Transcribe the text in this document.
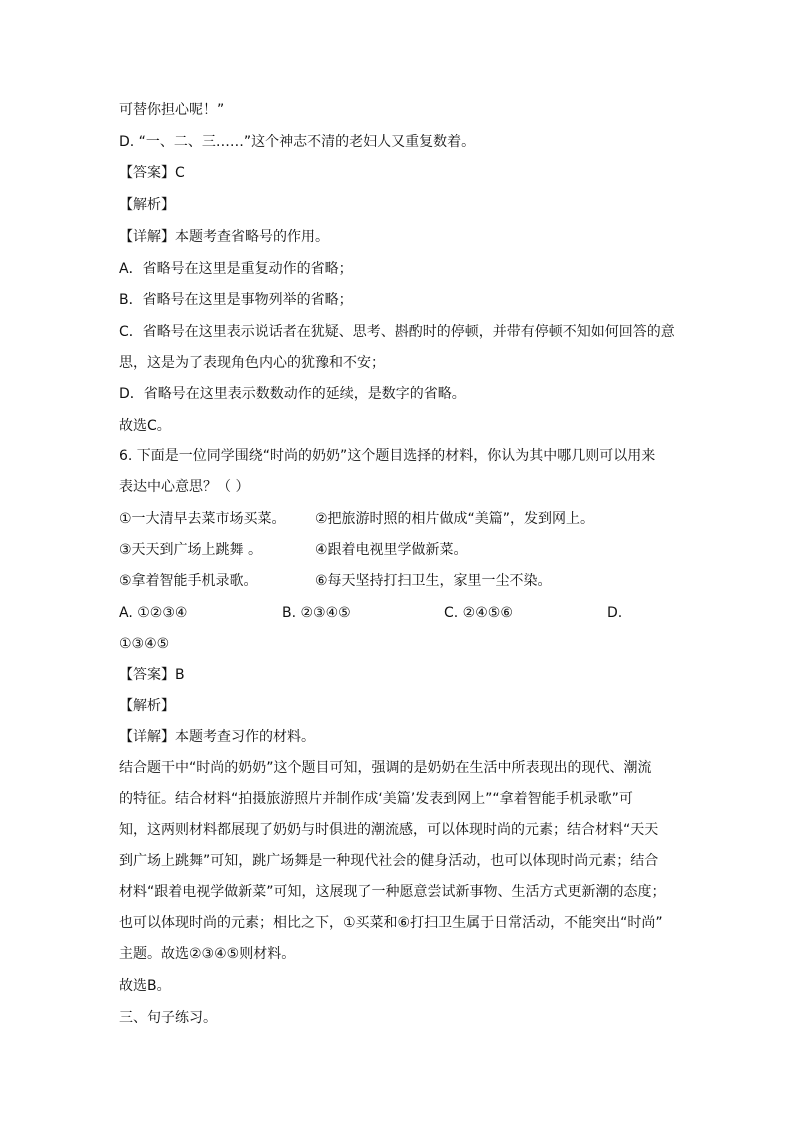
可替你担心呢！”
D. “一、二、三……”这个神志不清的老妇人又重复数着。
【答案】C
【解析】
【详解】本题考查省略号的作用。
A．省略号在这里是重复动作的省略；
B．省略号在这里是事物列举的省略；
C．省略号在这里表示说话者在犹疑、思考、斟酌时的停顿，并带有停顿不知如何回答的意
思，这是为了表现角色内心的犹豫和不安；
D．省略号在这里表示数数动作的延续，是数字的省略。
故选C。
6. 下面是一位同学围绕“时尚的奶奶”这个题目选择的材料，你认为其中哪几则可以用来
表达中心意思？（ ）
①一大清早去菜市场买菜。 ②把旅游时照的相片做成“美篇”，发到网上。
③天天到广场上跳舞 。	④跟着电视里学做新菜。
⑤拿着智能手机录歌。	⑥每天坚持打扫卫生，家里一尘不染。
A. ①②③④	B. ②③④⑤	C. ②④⑤⑥	D.
①③④⑤
【答案】B
【解析】
【详解】本题考查习作的材料。
结合题干中“时尚的奶奶”这个题目可知，强调的是奶奶在生活中所表现出的现代、潮流
的特征。结合材料“拍摄旅游照片并制作成‘美篇’发表到网上”“拿着智能手机录歌”可
知，这两则材料都展现了奶奶与时俱进的潮流感，可以体现时尚的元素；结合材料“天天
到广场上跳舞”可知，跳广场舞是一种现代社会的健身活动，也可以体现时尚元素；结合
材料“跟着电视学做新菜”可知，这展现了一种愿意尝试新事物、生活方式更新潮的态度；
也可以体现时尚的元素；相比之下，①买菜和⑥打扫卫生属于日常活动，不能突出“时尚”
主题。故选②③④⑤则材料。
故选B。
三、句子练习。
